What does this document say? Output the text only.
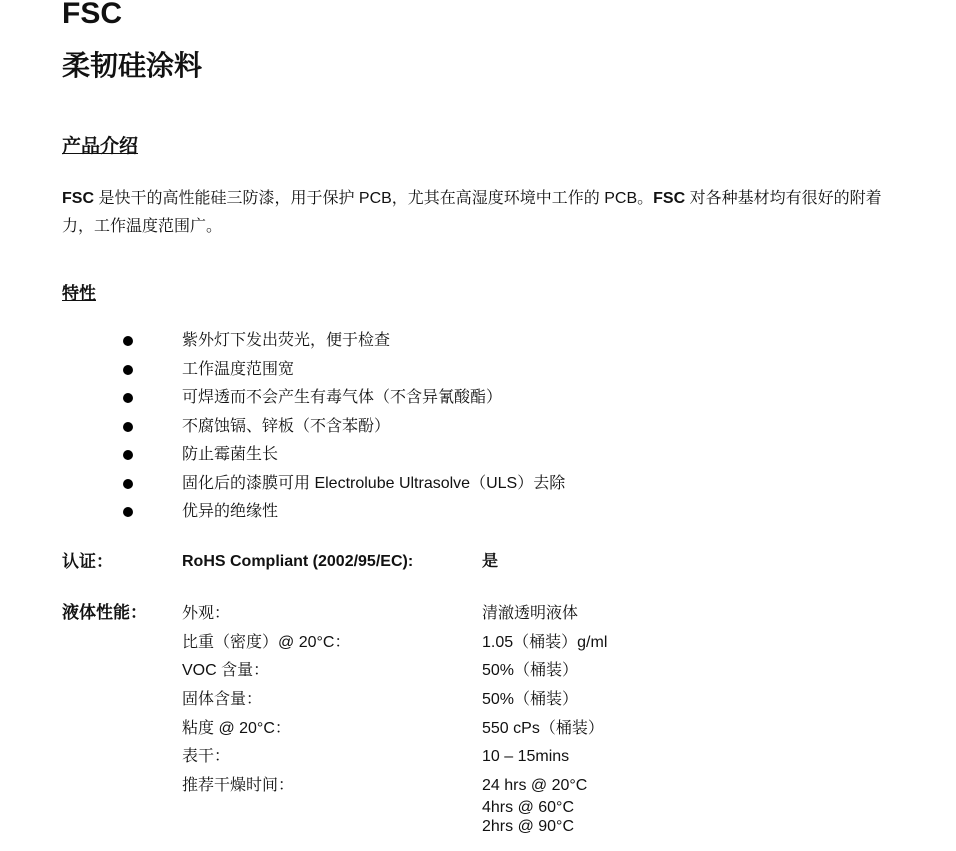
FSC
柔韧硅涂料
产品介绍
FSC 是快干的高性能硅三防漆，用于保护 PCB，尤其在高湿度环境中工作的 PCB。FSC 对各种基材均有很好的附着力，工作温度范围广。
特性
紫外灯下发出荧光，便于检查
工作温度范围宽
可焊透而不会产生有毒气体（不含异氰酸酯）
不腐蚀镉、锌板（不含苯酚）
防止霉菌生长
固化后的漆膜可用 Electrolube Ultrasolve（ULS）去除
优异的绝缘性
认证：	RoHS Compliant (2002/95/EC):	是
液体性能： 外观：	清澈透明液体
比重（密度）@ 20°C：	1.05（桶装）g/ml
VOC 含量：	50%（桶装）
固体含量：	50%（桶装）
粘度 @ 20°C：	550 cPs（桶装）
表干：	10 – 15mins
推荐干燥时间：	24 hrs @ 20°C
4hrs @ 60°C
2hrs @ 90°C
